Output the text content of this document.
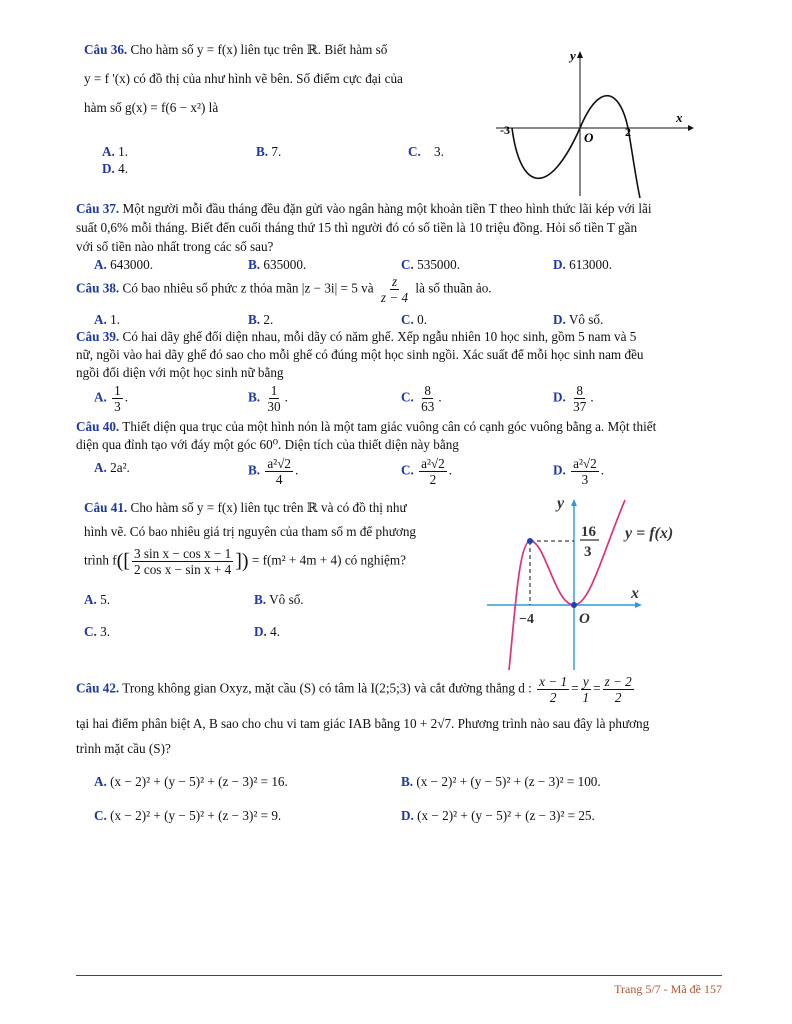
Câu 36. Cho hàm số y = f(x) liên tục trên ℝ. Biết hàm số
y = f '(x) có đồ thị của như hình vẽ bên. Số điểm cực đại của
hàm số g(x) = f(6 − x²) là
A. 1.	B. 7.	C. 3.
D. 4.
y
x
O
-3	2
Câu 37. Một người mỗi đầu tháng đều đặn gửi vào ngân hàng một khoản tiền T theo hình thức lãi kép với lãi
suất 0,6% mỗi tháng. Biết đến cuối tháng thứ 15 thì người đó có số tiền là 10 triệu đồng. Hỏi số tiền T gần
với số tiền nào nhất trong các số sau?
A. 643000.	B. 635000.	C. 535000.	D. 613000.
Câu 38. Có bao nhiêu số phức z thỏa mãn |z − 3i| = 5 và $\frac{z}{z - 4}$ là số thuần ảo.
A. 1.	B. 2.	C. 0.	D. Vô số.
Câu 39. Có hai dãy ghế đối diện nhau, mỗi dãy có năm ghế. Xếp ngẫu nhiên 10 học sinh, gồm 5 nam và 5
nữ, ngồi vào hai dãy ghế đó sao cho mỗi ghế có đúng một học sinh ngồi. Xác suất để mỗi học sinh nam đều
ngồi đối diện với một học sinh nữ bằng
A. $\frac{1}{3}$ .	B. $\frac{1}{30}$ .	C. $\frac{8}{63}$ .	D. $\frac{8}{37}$ .
Câu 40. Thiết diện qua trục của một hình nón là một tam giác vuông cân có cạnh góc vuông bằng a. Một thiết
diện qua đỉnh tạo với đáy một góc 60⁰. Diện tích của thiết diện này bằng
A. 2a².	B. $\frac{\text{a²√2}}{4}$ .	C. $\frac{\text{a²√2}}{2}$ .	D. $\frac{\text{a²√2}}{3}$ .
Câu 41. Cho hàm số y = f(x) liên tục trên ℝ và có đồ thị như
hình vẽ. Có bao nhiêu giá trị nguyên của tham số m để phương
trình $f([ \frac{\text{3 sin x − cos x − 1}}{\text{2 cos x − sin x + 4}}$ ]) = f(m² + 4m + 4) có nghiệm?
A. 5.	B. Vô số.
C. 3.	D. 4.
y
x
O
−4
16
3
y = f(x)
Câu 42. Trong không gian Oxyz, mặt cầu (S) có tâm là I(2;5;3) và cắt đường thẳng d : $\frac{x - 1}{2} = \frac{y}{1} = \frac{z - 2}{2}$
tại hai điểm phân biệt A, B sao cho chu vi tam giác IAB bằng 10 + 2√7. Phương trình nào sau đây là phương
trình mặt cầu (S)?
A. (x − 2)² + (y − 5)² + (z − 3)² = 16.	B. (x − 2)² + (y − 5)² + (z − 3)² = 100.
C. (x − 2)² + (y − 5)² + (z − 3)² = 9.	D. (x − 2)² + (y − 5)² + (z − 3)² = 25.
Trang 5/7 - Mã đề 157
